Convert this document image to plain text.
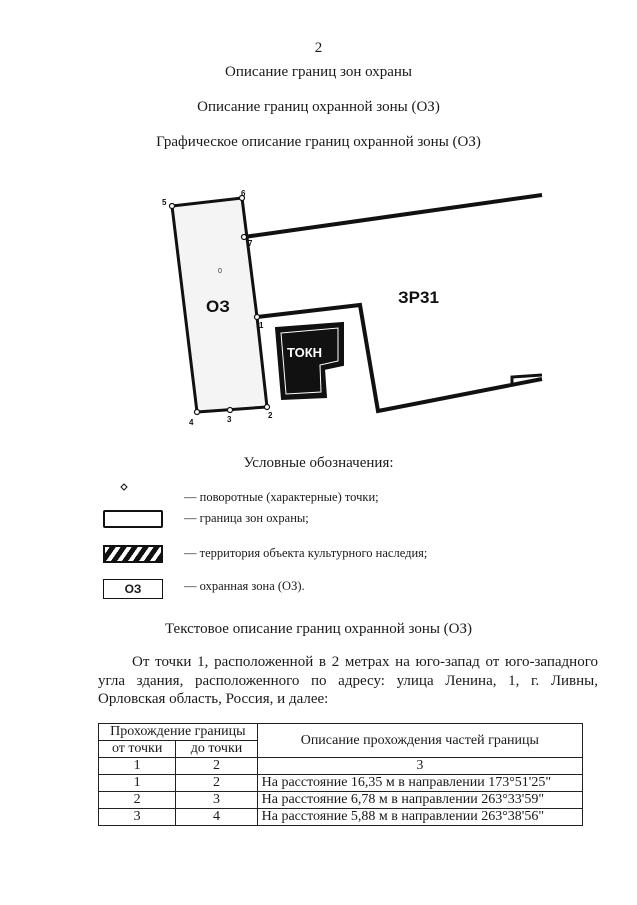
2
Описание границ зон охраны
Описание границ охранной зоны (ОЗ)
Графическое описание границ охранной зоны (ОЗ)
ОЗ	ЗР31
ТОКН
0
1
2
3
4
5
6
7
Условные обозначения:
— поворотные (характерные) точки;
— граница зон охраны;
— территория объекта культурного наследия;
ОЗ	— охранная зона (ОЗ).
Текстовое описание границ охранной зоны (ОЗ)
От точки 1, расположенной в 2 метрах на юго-запад от юго-западного угла здания, расположенного по адресу: улица Ленина, 1, г. Ливны, Орловская область, Россия, и далее:
Прохождение границы		Описание прохождения частей границы
от точки	до точки	
1	2	3
1	2	На расстояние 16,35 м в направлении 173°51'25"
2	3	На расстояние 6,78 м в направлении 263°33'59"
3	4	На расстояние 5,88 м в направлении 263°38'56"
